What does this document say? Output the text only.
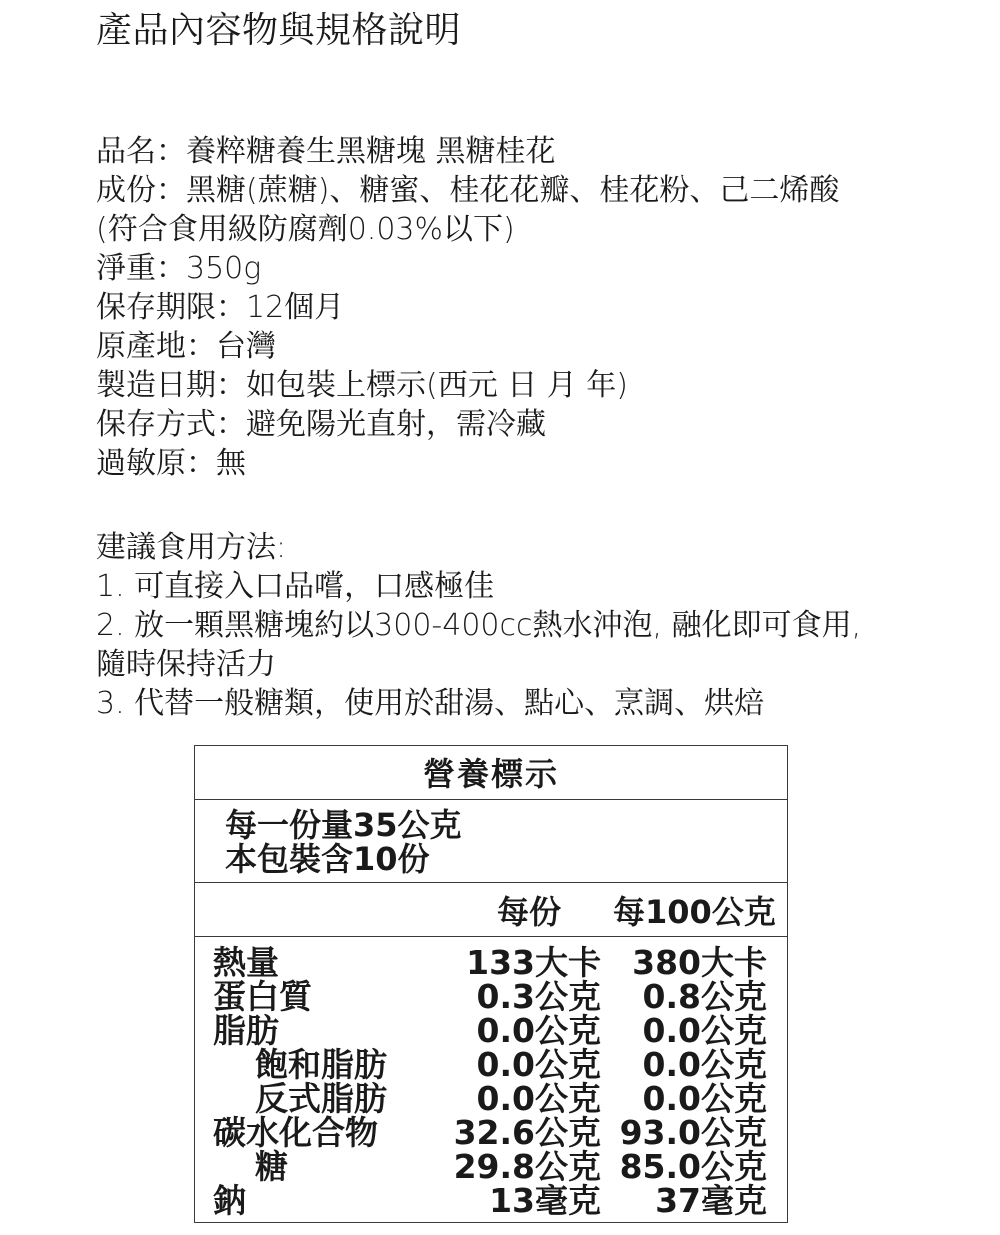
產品內容物與規格說明
品名：養粹糖養生黑糖塊 黑糖桂花
成份：黑糖(蔗糖)、糖蜜、桂花花瓣、桂花粉、己二烯酸
(符合食用級防腐劑0.03%以下)
淨重：350g
保存期限：12個月
原產地：台灣
製造日期：如包裝上標示(西元 日 月 年)
保存方式：避免陽光直射，需冷藏
過敏原：無
建議食用方法:
1. 可直接入口品嚐，口感極佳
2. 放一顆黑糖塊約以300-400cc熱水沖泡, 融化即可食用,
隨時保持活力
3. 代替一般糖類，使用於甜湯、點心、烹調、烘焙
營養標示
每一份量35公克
本包裝含10份
每份 每100公克
熱量	133大卡 380大卡
蛋白質	0.3公克 0.8公克
脂肪	0.0公克 0.0公克
飽和脂肪	0.0公克 0.0公克
反式脂肪	0.0公克 0.0公克
碳水化合物 32.6公克 93.0公克
糖	29.8公克 85.0公克
鈉	13毫克 37毫克
